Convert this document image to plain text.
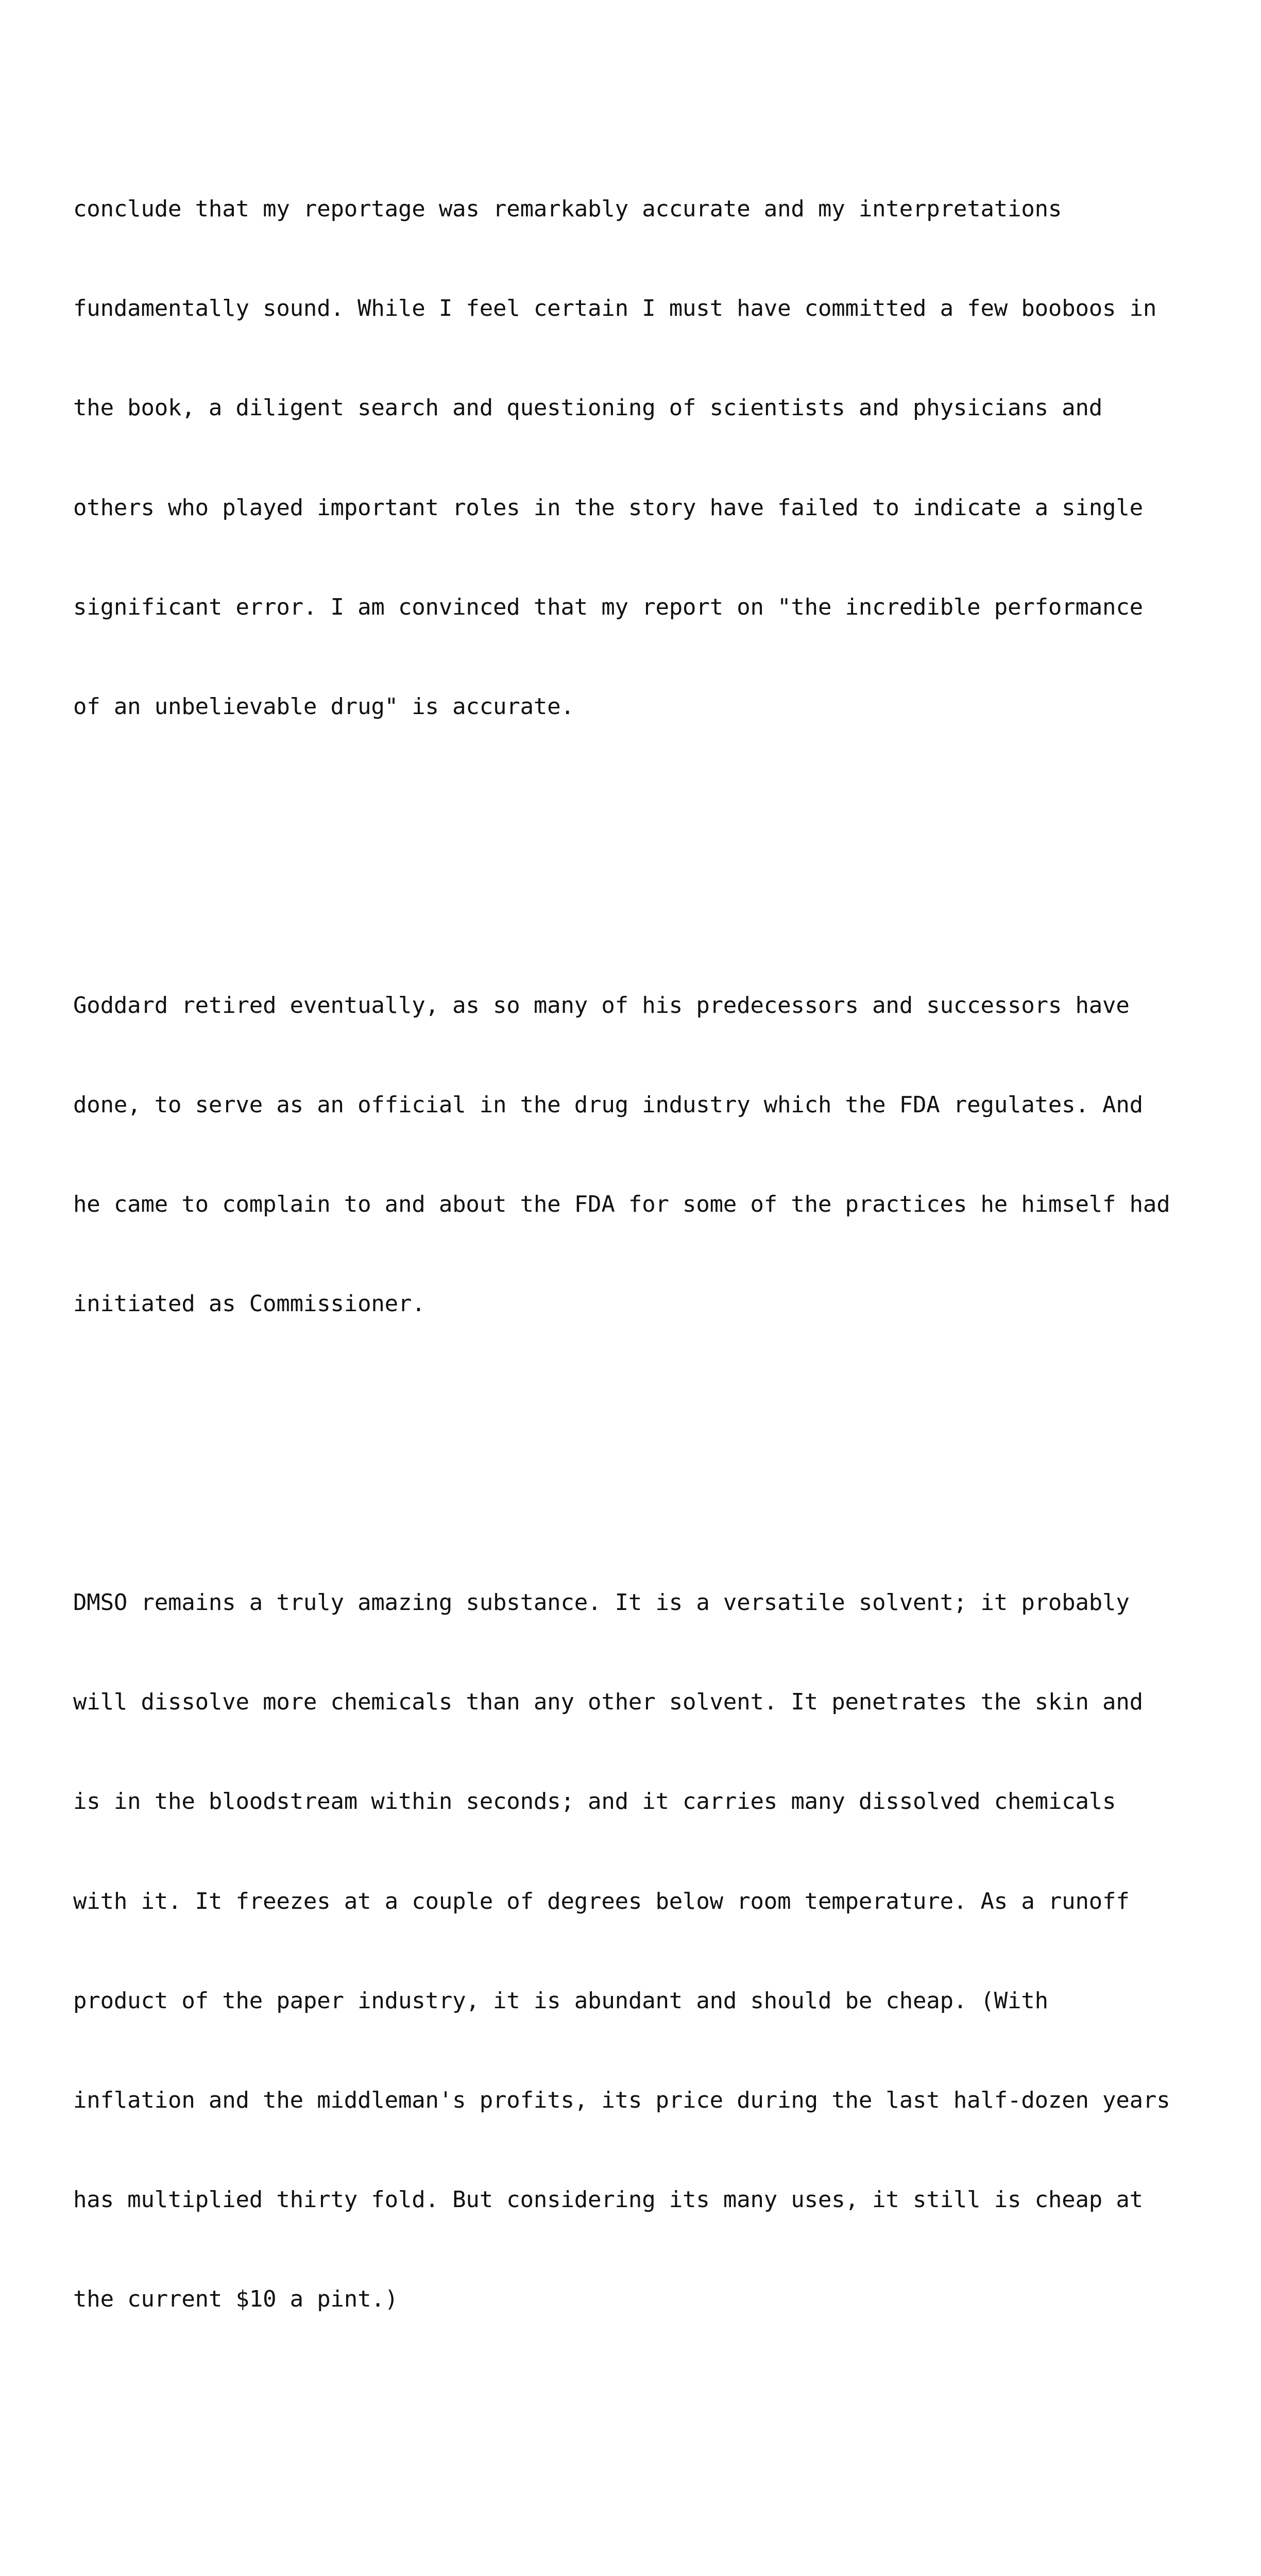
conclude that my reportage was remarkably accurate and my interpretations

fundamentally sound. While I feel certain I must have committed a few booboos in

the book, a diligent search and questioning of scientists and physicians and

others who played important roles in the story have failed to indicate a single

significant error. I am convinced that my report on "the incredible performance

of an unbelievable drug" is accurate.

Goddard retired eventually, as so many of his predecessors and successors have

done, to serve as an official in the drug industry which the FDA regulates. And

he came to complain to and about the FDA for some of the practices he himself had

initiated as Commissioner.

DMSO remains a truly amazing substance. It is a versatile solvent; it probably

will dissolve more chemicals than any other solvent. It penetrates the skin and

is in the bloodstream within seconds; and it carries many dissolved chemicals

with it. It freezes at a couple of degrees below room temperature. As a runoff

product of the paper industry, it is abundant and should be cheap. (With

inflation and the middleman's profits, its price during the last half-dozen years

has multiplied thirty fold. But considering its many uses, it still is cheap at

the current $10 a pint.)
